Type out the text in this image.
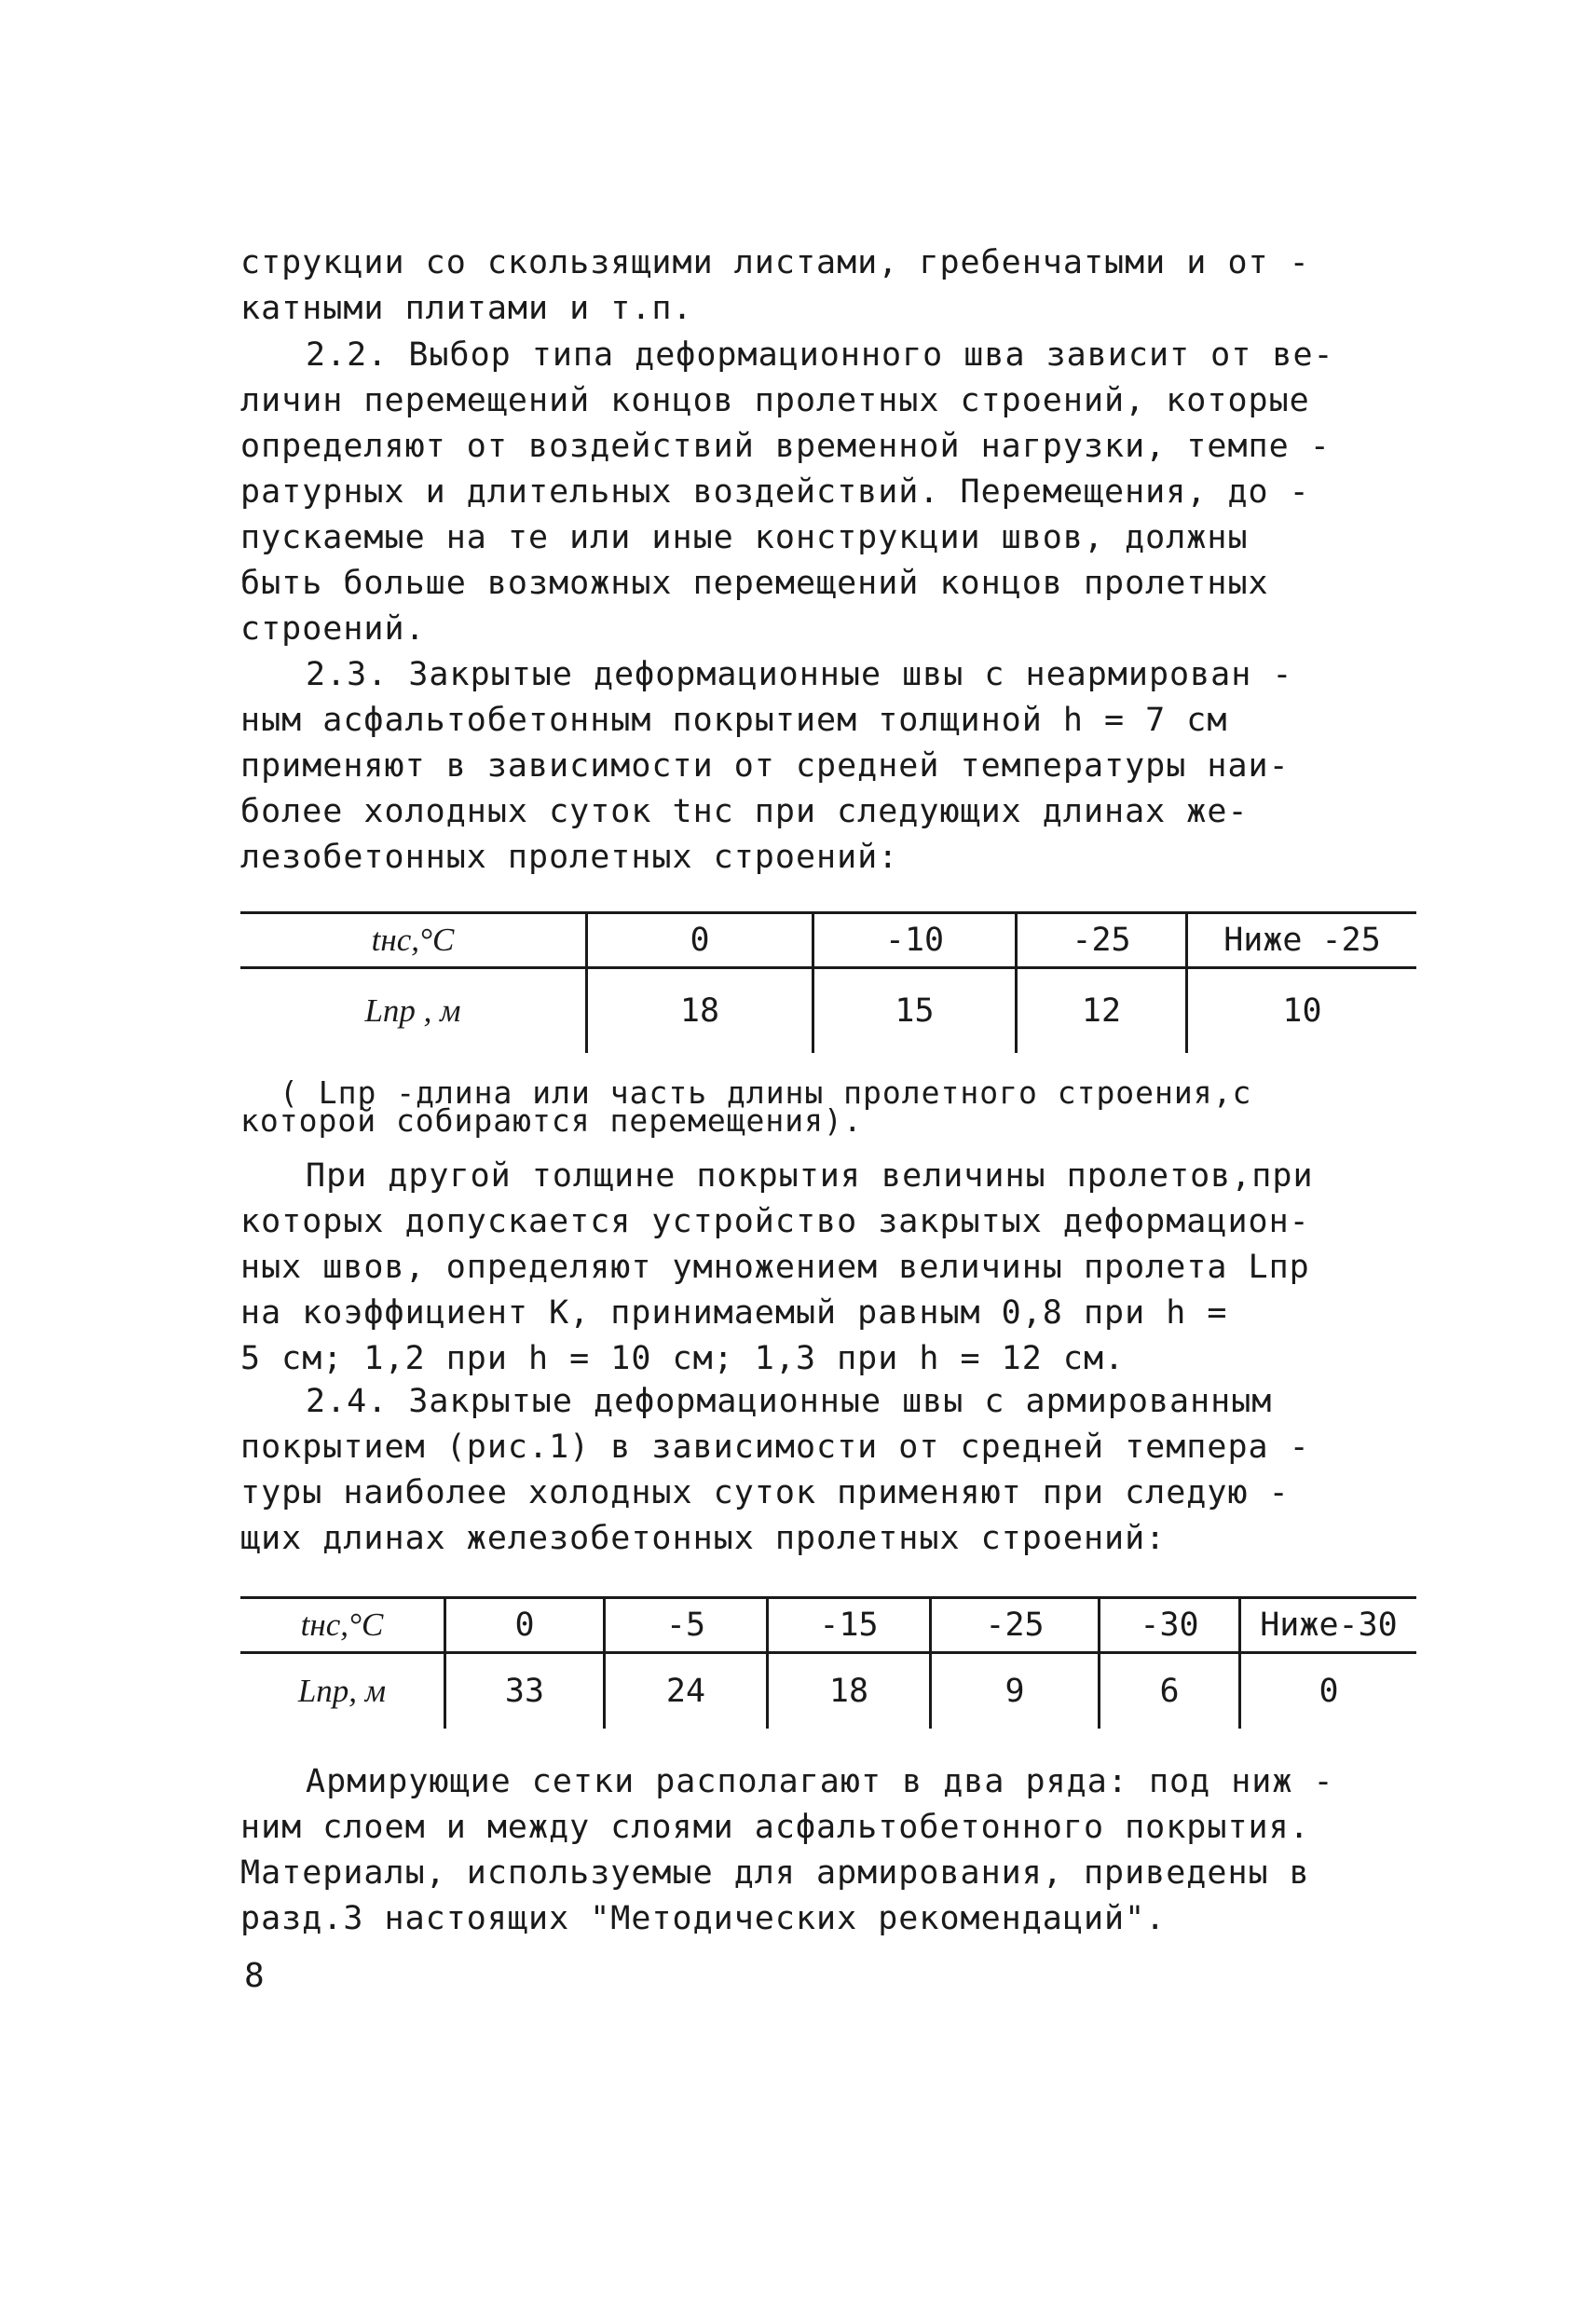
струкции со скользящими листами, гребенчатыми и от -
катными плитами и т.п.
2.2. Выбор типа деформационного шва зависит от ве-
личин перемещений концов пролетных строений, которые
определяют от воздействий временной нагрузки, темпе -
ратурных и длительных воздействий. Перемещения, до -
пускаемые на те или иные конструкции швов, должны
быть больше возможных перемещений концов пролетных
строений.
2.3. Закрытые деформационные швы с неармирован -
ным асфальтобетонным покрытием толщиной h = 7 см
применяют в зависимости от средней температуры наи-
более холодных суток tнс при следующих длинах же-
лезобетонных пролетных строений:
tнс,°С	0	-10	-25	Ниже -25
Lпр , м	18	15	12	10
( Lпр -длина или часть длины пролетного строения,с
которой собираются перемещения).
При другой толщине покрытия величины пролетов,при
которых допускается устройство закрытых деформацион-
ных швов, определяют умножением величины пролета Lпр
на коэффициент К, принимаемый равным 0,8 при h =
5 см; 1,2 при h = 10 см; 1,3 при h = 12 см.
2.4. Закрытые деформационные швы с армированным
покрытием (рис.1) в зависимости от средней темпера -
туры наиболее холодных суток применяют при следую -
щих длинах железобетонных пролетных строений:
tнс,°С	0	-5	-15	-25	-30	Ниже-30
Lпр, м	33	24	18	9	6	0
Армирующие сетки располагают в два ряда: под ниж -
ним слоем и между слоями асфальтобетонного покрытия.
Материалы, используемые для армирования, приведены в
разд.3 настоящих "Методических рекомендаций".
8
